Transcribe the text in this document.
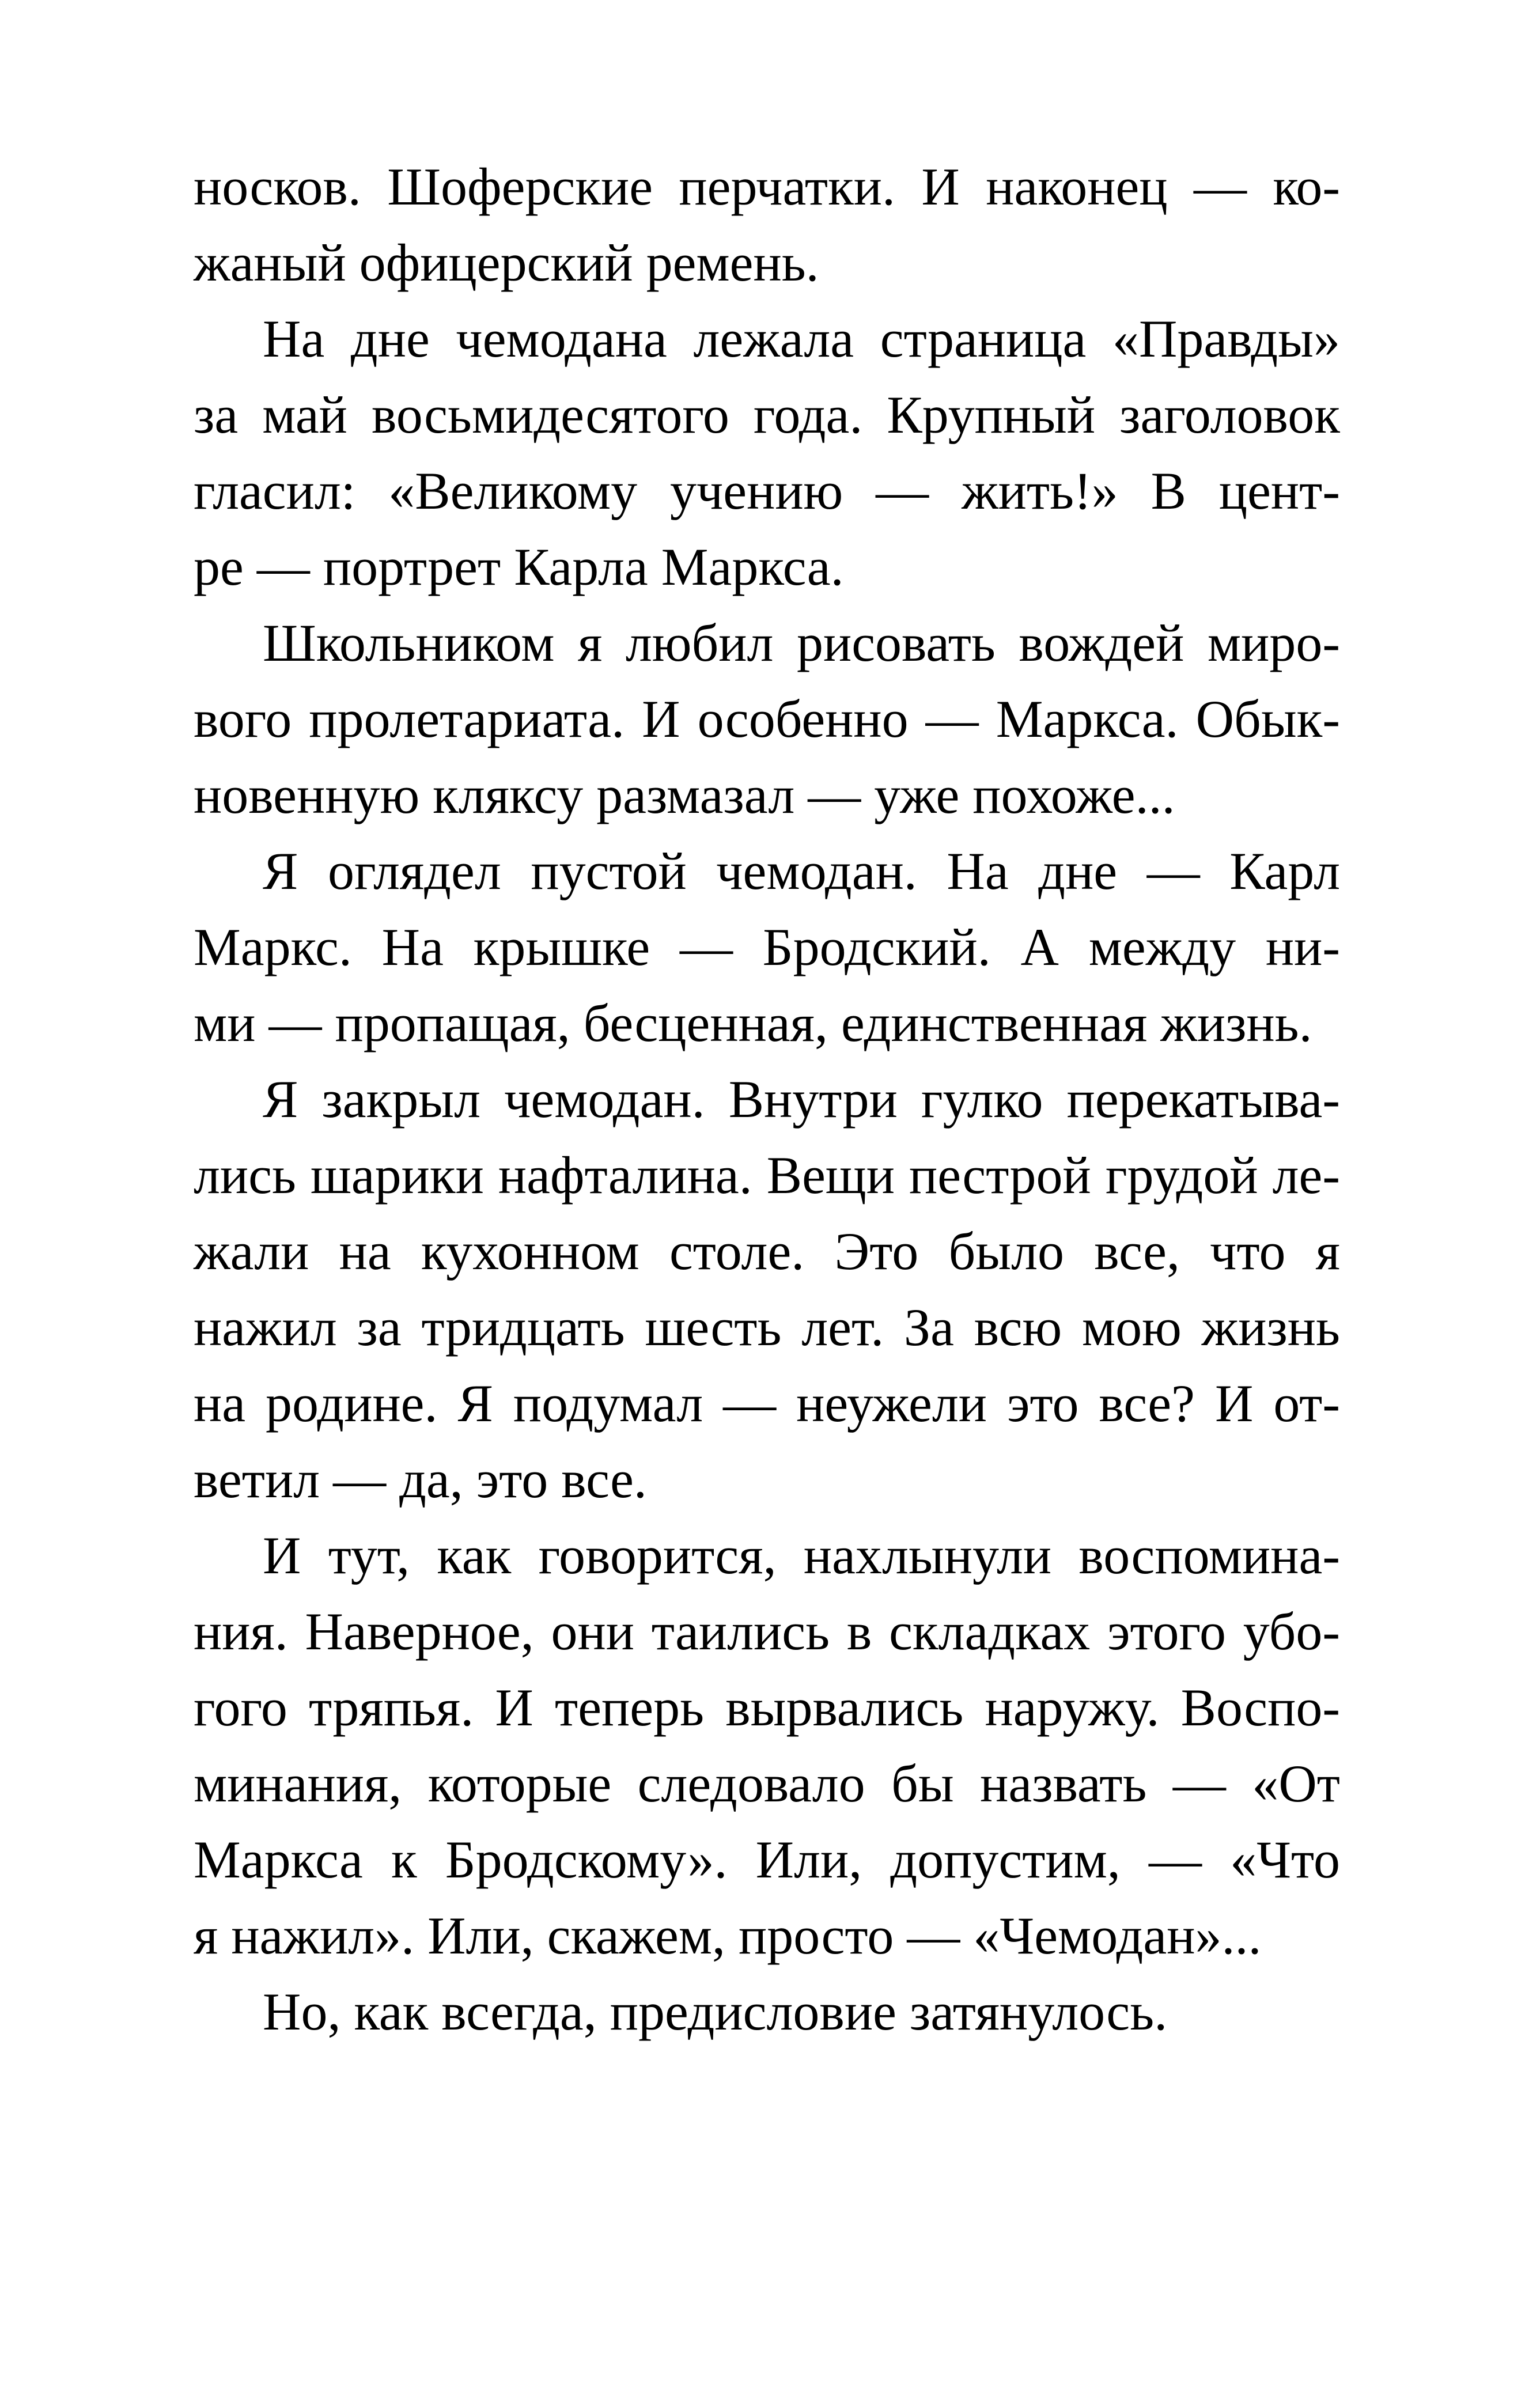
носков. Шоферские перчатки. И наконец — ко-
жаный офицерский ремень.
На дне чемодана лежала страница «Правды»
за май восьмидесятого года. Крупный заголовок
гласил: «Великому учению — жить!» В цент-
ре — портрет Карла Маркса.
Школьником я любил рисовать вождей миро-
вого пролетариата. И особенно — Маркса. Обык-
новенную кляксу размазал — уже похоже...
Я оглядел пустой чемодан. На дне — Карл
Маркс. На крышке — Бродский. А между ни-
ми — пропащая, бесценная, единственная жизнь.
Я закрыл чемодан. Внутри гулко перекатыва-
лись шарики нафталина. Вещи пестрой грудой ле-
жали на кухонном столе. Это было все, что я
нажил за тридцать шесть лет. За всю мою жизнь
на родине. Я подумал — неужели это все? И от-
ветил — да, это все.
И тут, как говорится, нахлынули воспомина-
ния. Наверное, они таились в складках этого убо-
гого тряпья. И теперь вырвались наружу. Воспо-
минания, которые следовало бы назвать — «От
Маркса к Бродскому». Или, допустим, — «Что
я нажил». Или, скажем, просто — «Чемодан»...
Но, как всегда, предисловие затянулось.
